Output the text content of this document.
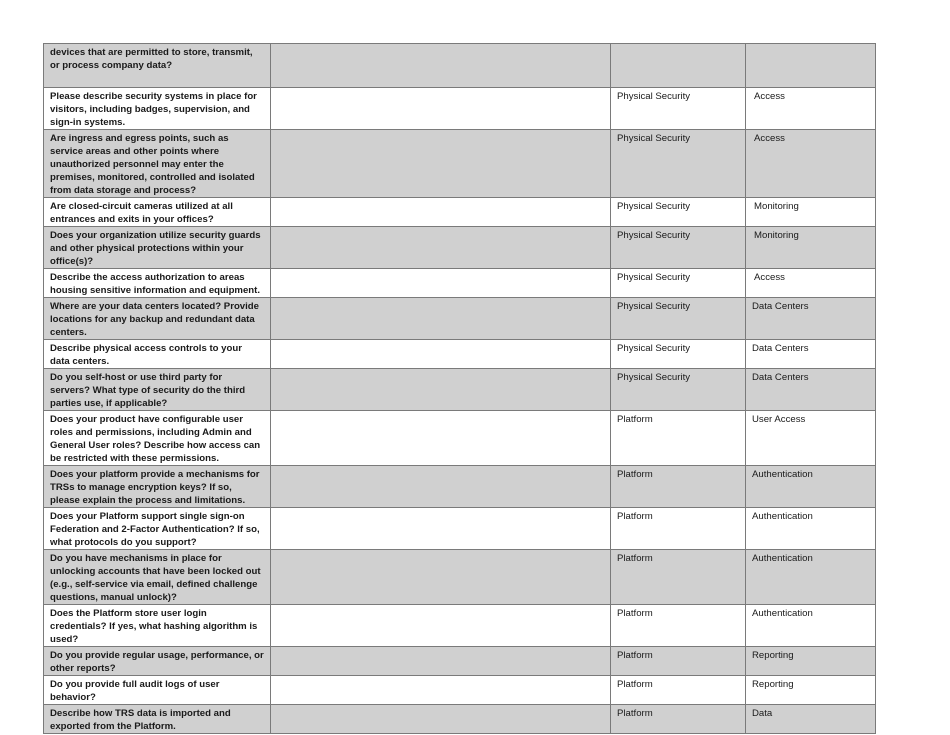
devices that are permitted to store, transmit, or process company data?			
Please describe security systems in place for visitors, including badges, supervision, and sign-in systems.		Physical Security	Access
Are ingress and egress points, such as service areas and other points where unauthorized personnel may enter the premises, monitored, controlled and isolated from data storage and process?		Physical Security	Access
Are closed-circuit cameras utilized at all entrances and exits in your offices?		Physical Security	Monitoring
Does your organization utilize security guards and other physical protections within your office(s)?		Physical Security	Monitoring
Describe the access authorization to areas housing sensitive information and equipment.		Physical Security	Access
Where are your data centers located? Provide locations for any backup and redundant data centers.		Physical Security	Data Centers
Describe physical access controls to your data centers.		Physical Security	Data Centers
Do you self-host or use third party for servers? What type of security do the third parties use, if applicable?		Physical Security	Data Centers
Does your product have configurable user roles and permissions, including Admin and General User roles? Describe how access can be restricted with these permissions.		Platform	User Access
Does your platform provide a mechanisms for TRSs to manage encryption keys? If so, please explain the process and limitations.		Platform	Authentication
Does your Platform support single sign-on Federation and 2-Factor Authentication? If so, what protocols do you support?		Platform	Authentication
Do you have mechanisms in place for unlocking accounts that have been locked out (e.g., self-service via email, defined challenge questions, manual unlock)?		Platform	Authentication
Does the Platform store user login credentials? If yes, what hashing algorithm is used?		Platform	Authentication
Do you provide regular usage, performance, or other reports?		Platform	Reporting
Do you provide full audit logs of user behavior?		Platform	Reporting
Describe how TRS data is imported and exported from the Platform.		Platform	Data
